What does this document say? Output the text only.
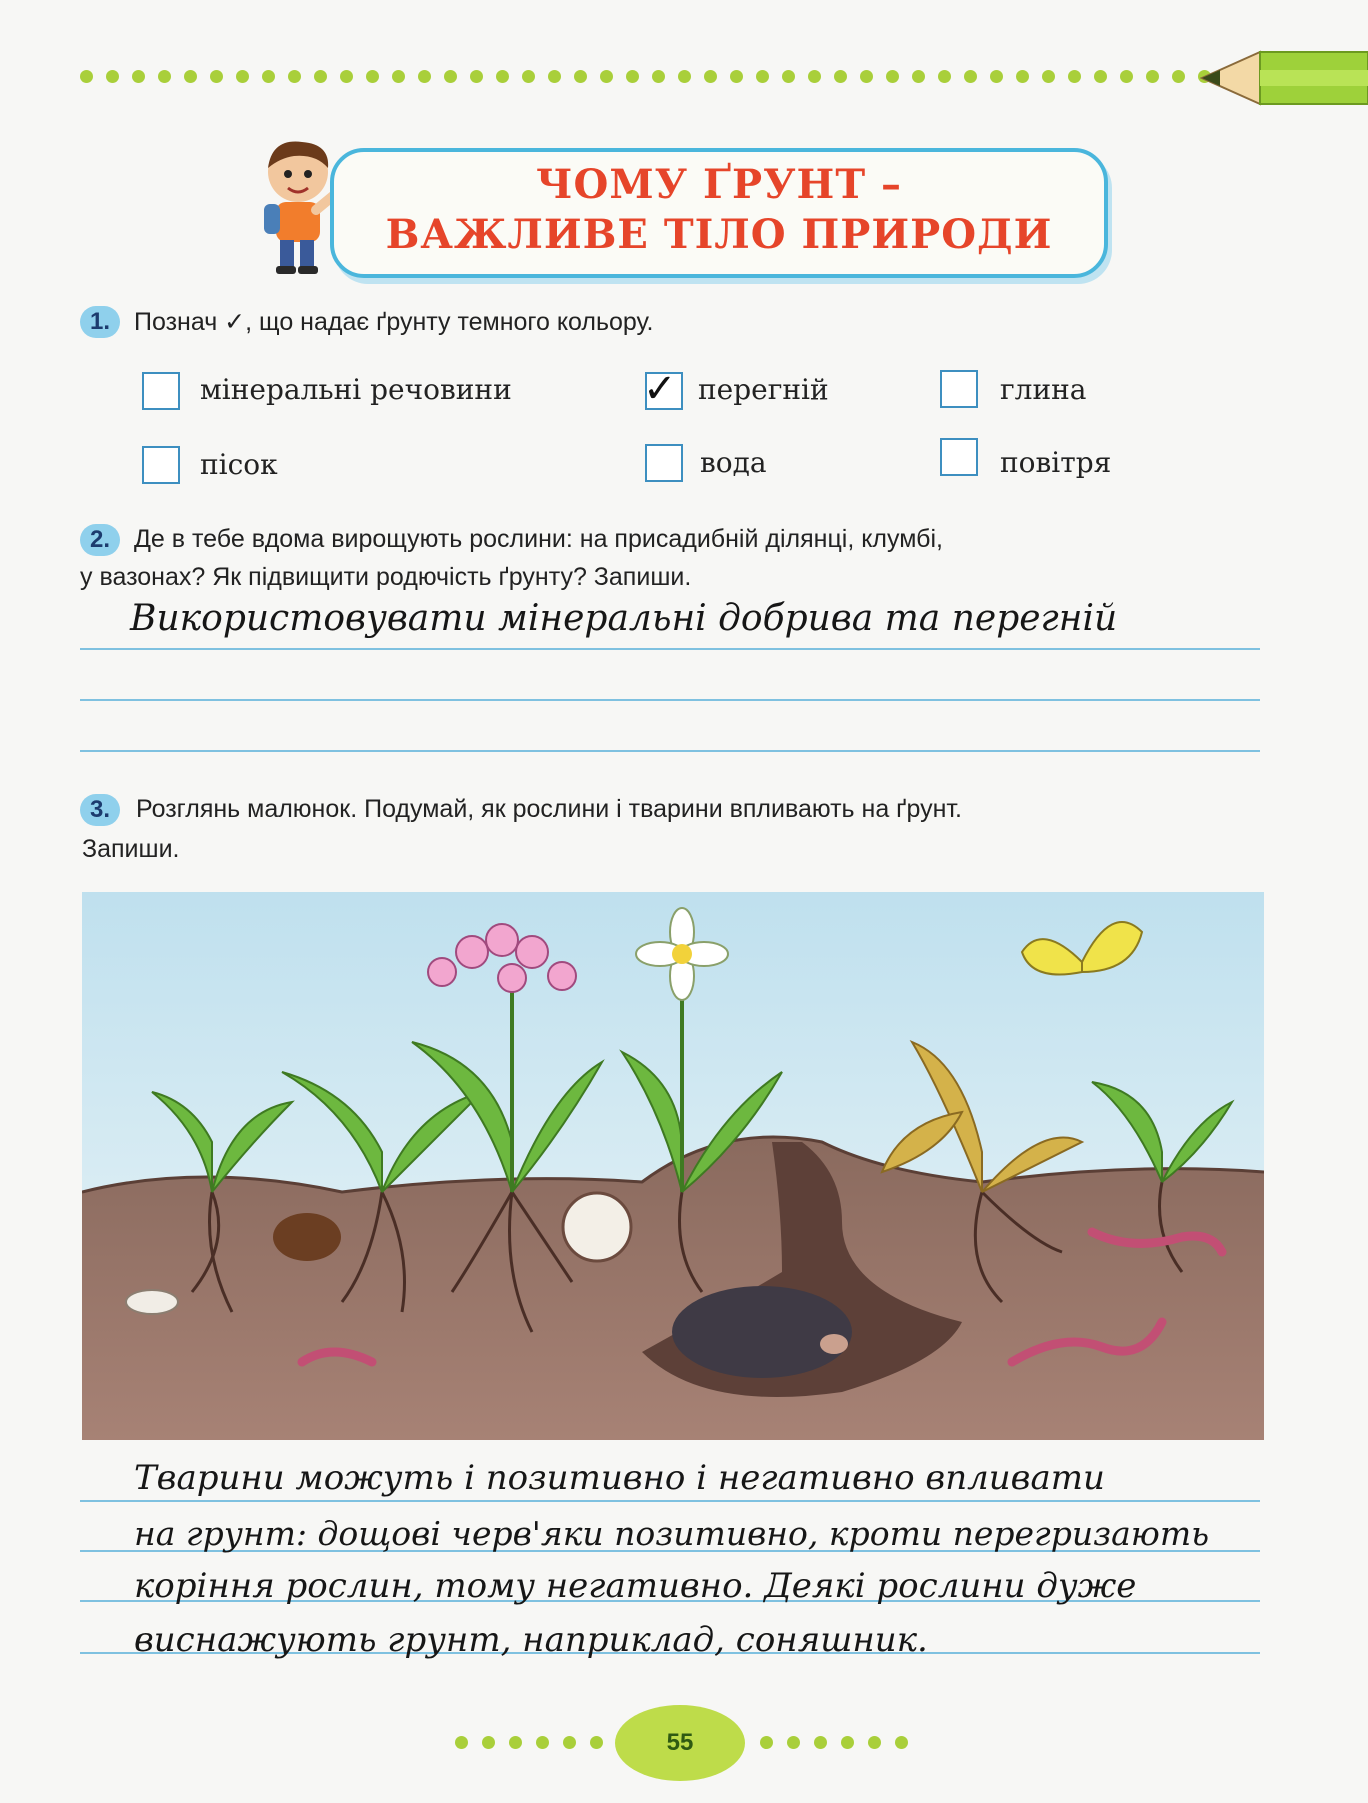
ЧОМУ ҐРУНТ –
ВАЖЛИВЕ ТІЛО ПРИРОДИ
1. Познач ✓, що надає ґрунту темного кольору.
мінеральні речовини	✓ перегній	глина
пісок	вода	повітря
2. Де в тебе вдома вирощують рослини: на присадибній ділянці, клумбі,
у вазонах? Як підвищити родючість ґрунту? Запиши.
Використовувати мінеральні добрива та перегній
3.	Розглянь малюнок. Подумай, як рослини і тварини впливають на ґрунт.
Запиши.
Тварини можуть і позитивно і негативно впливати
на грунт: дощові черв'яки позитивно, кроти перегризають
коріння рослин, тому негативно. Деякі рослини дуже
виснажують грунт, наприклад, соняшник.
55
